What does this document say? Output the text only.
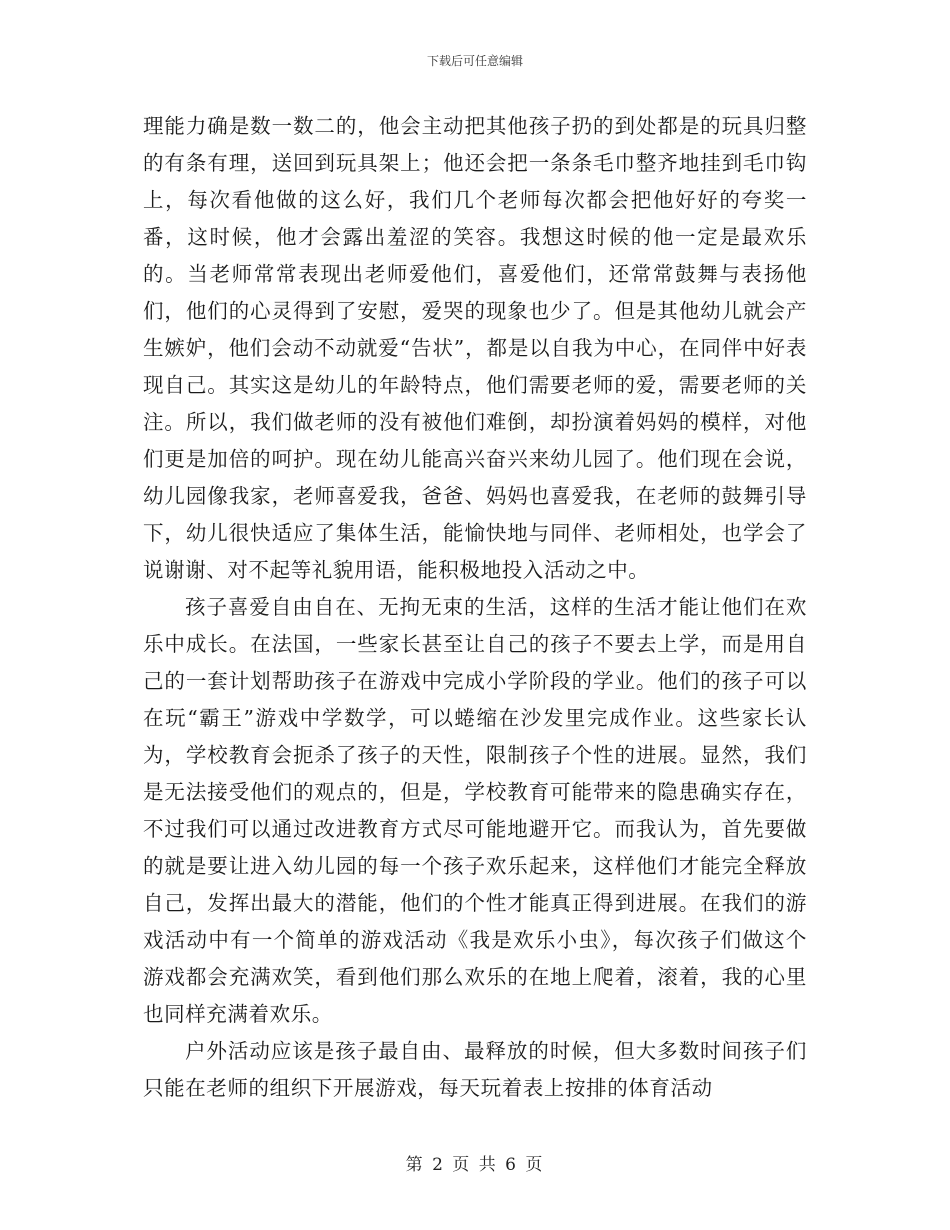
下载后可任意编辑

理能力确是数一数二的，他会主动把其他孩子扔的到处都是的玩具归整的有条有理，送回到玩具架上；他还会把一条条毛巾整齐地挂到毛巾钩上，每次看他做的这么好，我们几个老师每次都会把他好好的夸奖一番，这时候，他才会露出羞涩的笑容。我想这时候的他一定是最欢乐的。当老师常常表现出老师爱他们，喜爱他们，还常常鼓舞与表扬他们，他们的心灵得到了安慰，爱哭的现象也少了。但是其他幼儿就会产生嫉妒，他们会动不动就爱“告状”，都是以自我为中心，在同伴中好表现自己。其实这是幼儿的年龄特点，他们需要老师的爱，需要老师的关注。所以，我们做老师的没有被他们难倒，却扮演着妈妈的模样，对他们更是加倍的呵护。现在幼儿能高兴奋兴来幼儿园了。他们现在会说，幼儿园像我家，老师喜爱我，爸爸、妈妈也喜爱我，在老师的鼓舞引导下，幼儿很快适应了集体生活，能愉快地与同伴、老师相处，也学会了说谢谢、对不起等礼貌用语，能积极地投入活动之中。

孩子喜爱自由自在、无拘无束的生活，这样的生活才能让他们在欢乐中成长。在法国，一些家长甚至让自己的孩子不要去上学，而是用自己的一套计划帮助孩子在游戏中完成小学阶段的学业。他们的孩子可以在玩“霸王”游戏中学数学，可以蜷缩在沙发里完成作业。这些家长认为，学校教育会扼杀了孩子的天性，限制孩子个性的进展。显然，我们是无法接受他们的观点的，但是，学校教育可能带来的隐患确实存在，不过我们可以通过改进教育方式尽可能地避开它。而我认为，首先要做的就是要让进入幼儿园的每一个孩子欢乐起来，这样他们才能完全释放自己，发挥出最大的潜能，他们的个性才能真正得到进展。在我们的游戏活动中有一个简单的游戏活动《我是欢乐小虫》，每次孩子们做这个游戏都会充满欢笑，看到他们那么欢乐的在地上爬着，滚着，我的心里也同样充满着欢乐。

户外活动应该是孩子最自由、最释放的时候，但大多数时间孩子们只能在老师的组织下开展游戏，每天玩着表上按排的体育活动

第 2 页 共 6 页
